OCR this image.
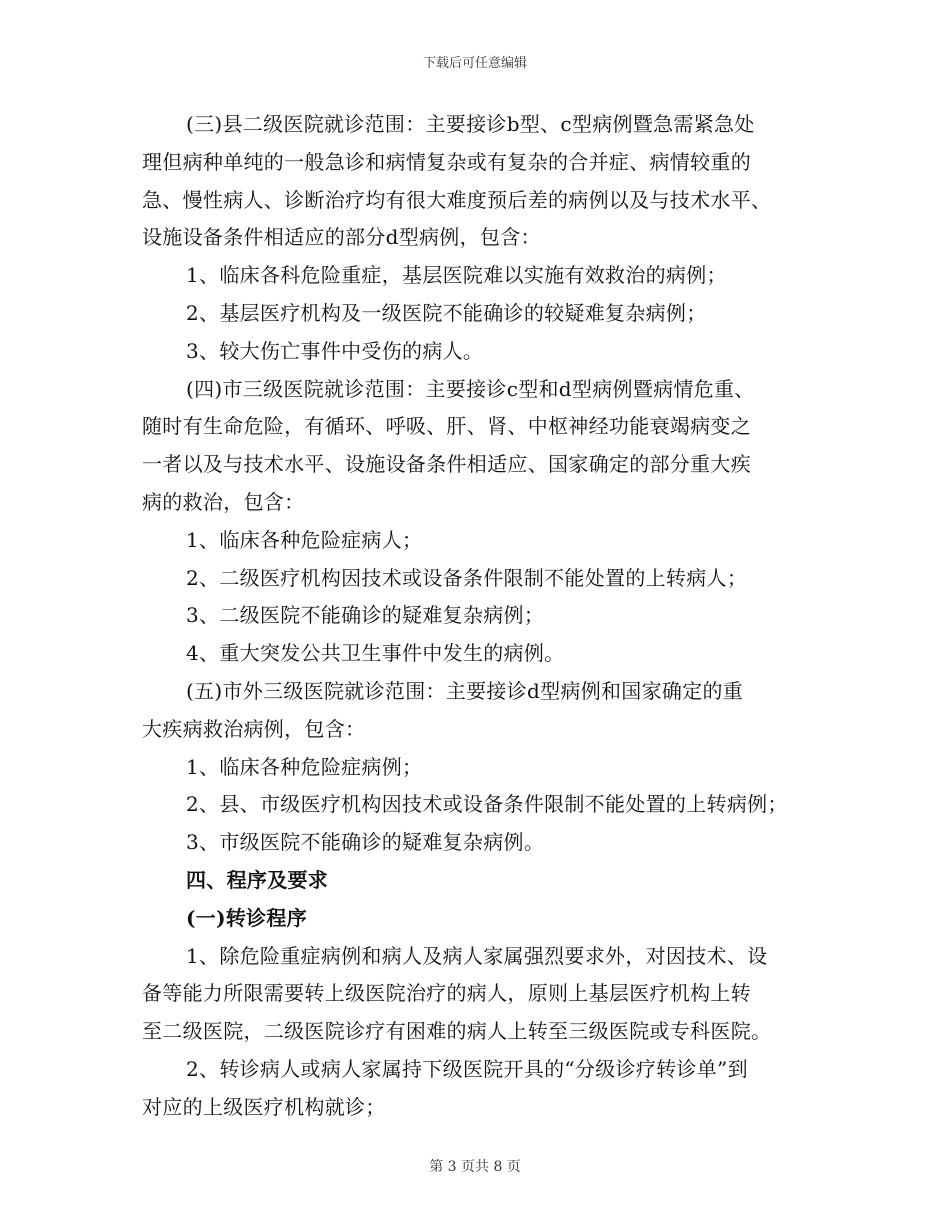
下载后可任意编辑
(三)县二级医院就诊范围：主要接诊b型、c型病例暨急需紧急处
理但病种单纯的一般急诊和病情复杂或有复杂的合并症、病情较重的
急、慢性病人、诊断治疗均有很大难度预后差的病例以及与技术水平、
设施设备条件相适应的部分d型病例，包含：
1、临床各科危险重症，基层医院难以实施有效救治的病例；
2、基层医疗机构及一级医院不能确诊的较疑难复杂病例；
3、较大伤亡事件中受伤的病人。
(四)市三级医院就诊范围：主要接诊c型和d型病例暨病情危重、
随时有生命危险，有循环、呼吸、肝、肾、中枢神经功能衰竭病变之
一者以及与技术水平、设施设备条件相适应、国家确定的部分重大疾
病的救治，包含：
1、临床各种危险症病人；
2、二级医疗机构因技术或设备条件限制不能处置的上转病人；
3、二级医院不能确诊的疑难复杂病例；
4、重大突发公共卫生事件中发生的病例。
(五)市外三级医院就诊范围：主要接诊d型病例和国家确定的重
大疾病救治病例，包含：
1、临床各种危险症病例；
2、县、市级医疗机构因技术或设备条件限制不能处置的上转病例；
3、市级医院不能确诊的疑难复杂病例。
四、程序及要求
(一)转诊程序
1、除危险重症病例和病人及病人家属强烈要求外，对因技术、设
备等能力所限需要转上级医院治疗的病人，原则上基层医疗机构上转
至二级医院，二级医院诊疗有困难的病人上转至三级医院或专科医院。
2、转诊病人或病人家属持下级医院开具的“分级诊疗转诊单”到
对应的上级医疗机构就诊；
第 3 页共 8 页
